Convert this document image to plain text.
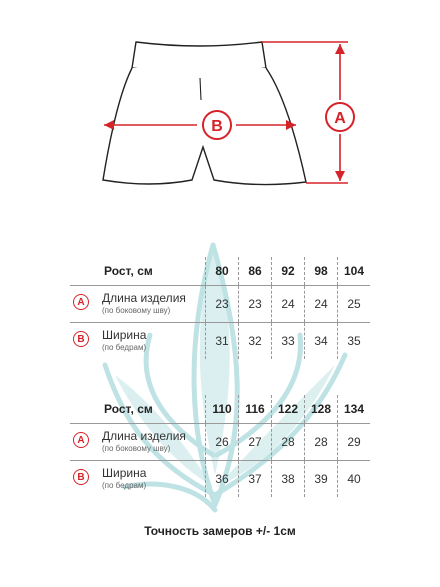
B	A
Рост, см	80	86	92	98	104

A Длина изделия
(по боковому шву)	23	23	24	24	25

B Ширина
(по бедрам)	31	32	33	34	35
Рост, см	110	116	122	128	134

A Длина изделия
(по боковому шву)	26	27	28	28	29

B Ширина
(по бедрам)	36	37	38	39	40
Точность замеров +/- 1см
